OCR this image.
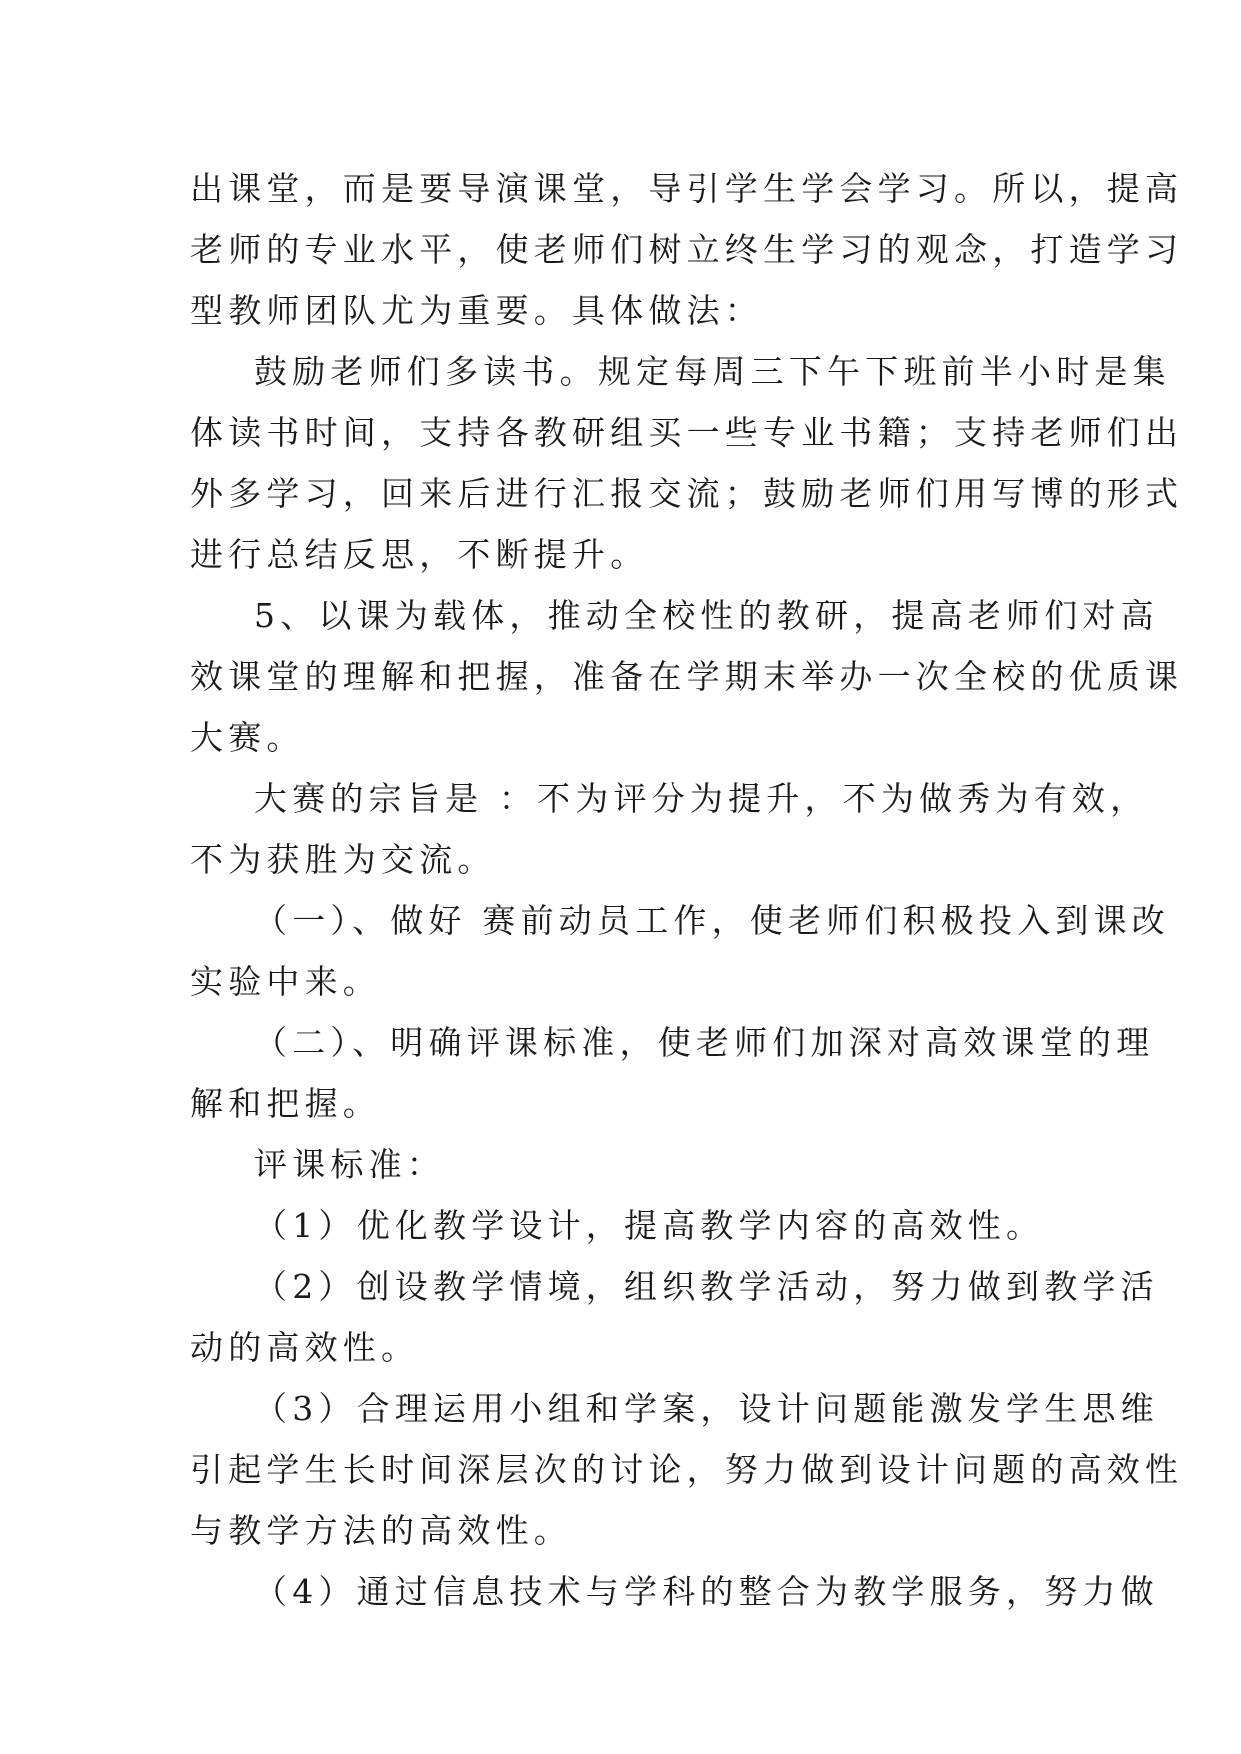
出课堂，而是要导演课堂，导引学生学会学习。所以，提高
老师的专业水平，使老师们树立终生学习的观念，打造学习
型教师团队尤为重要。具体做法：
鼓励老师们多读书。规定每周三下午下班前半小时是集
体读书时间，支持各教研组买一些专业书籍；支持老师们出
外多学习，回来后进行汇报交流；鼓励老师们用写博的形式
进行总结反思，不断提升。
5、以课为载体，推动全校性的教研，提高老师们对高
效课堂的理解和把握，准备在学期末举办一次全校的优质课
大赛。
大赛的宗旨是 ：不为评分为提升，不为做秀为有效，
不为获胜为交流。
（一）、做好 赛前动员工作，使老师们积极投入到课改
实验中来。
（二）、明确评课标准，使老师们加深对高效课堂的理
解和把握。
评课标准：
（1）优化教学设计，提高教学内容的高效性。
（2）创设教学情境，组织教学活动，努力做到教学活
动的高效性。
（3）合理运用小组和学案，设计问题能激发学生思维
引起学生长时间深层次的讨论，努力做到设计问题的高效性
与教学方法的高效性。
（4）通过信息技术与学科的整合为教学服务，努力做
